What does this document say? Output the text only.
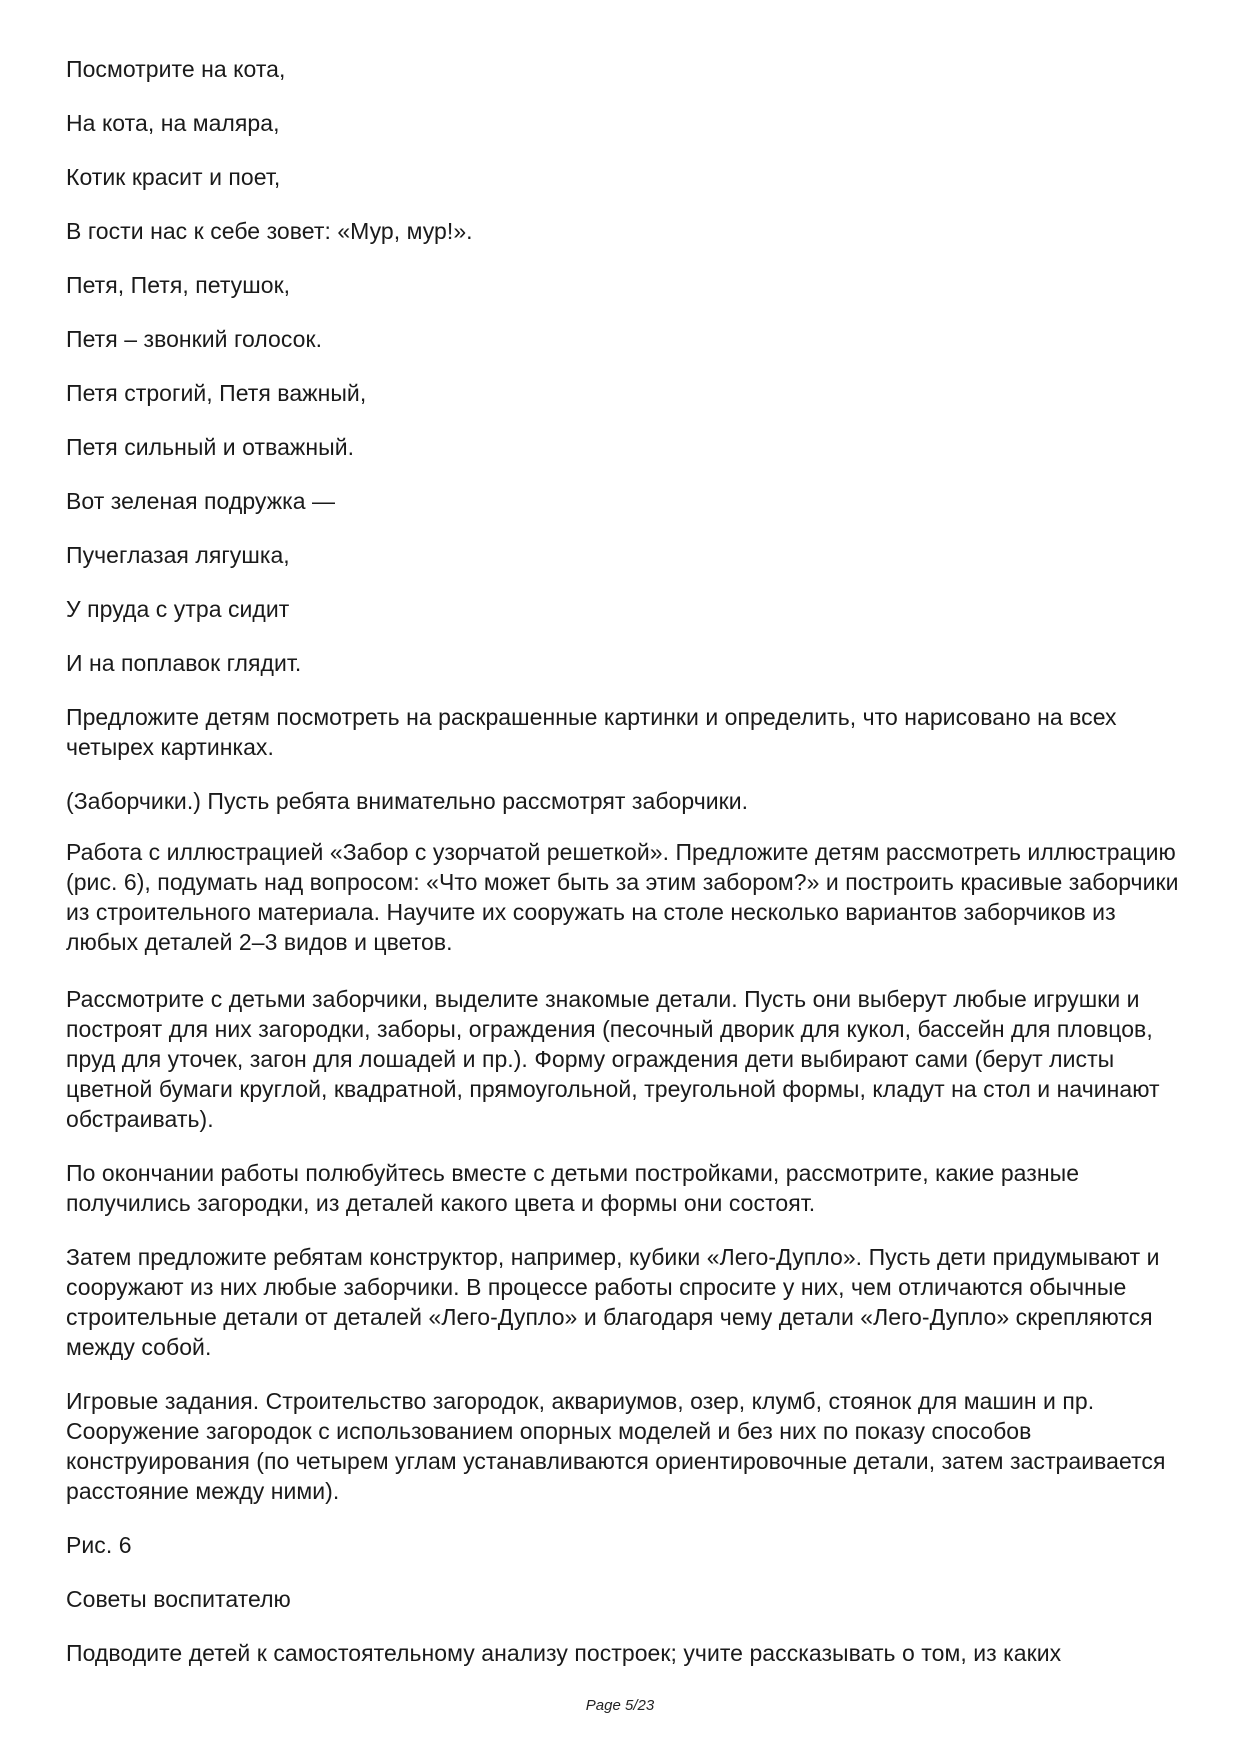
Посмотрите на кота,

На кота, на маляра,

Котик красит и поет,

В гости нас к себе зовет: «Мур, мур!».

Петя, Петя, петушок,

Петя – звонкий голосок.

Петя строгий, Петя важный,

Петя сильный и отважный.

Вот зеленая подружка —

Пучеглазая лягушка,

У пруда с утра сидит

И на поплавок глядит.

Предложите детям посмотреть на раскрашенные картинки и определить, что нарисовано на всех четырех картинках.

(Заборчики.) Пусть ребята внимательно рассмотрят заборчики.

Работа с иллюстрацией «Забор с узорчатой решеткой». Предложите детям рассмотреть иллюстрацию (рис. 6), подумать над вопросом: «Что может быть за этим забором?» и построить красивые заборчики из строительного материала. Научите их сооружать на столе несколько вариантов заборчиков из любых деталей 2–3 видов и цветов.

Рассмотрите с детьми заборчики, выделите знакомые детали. Пусть они выберут любые игрушки и построят для них загородки, заборы, ограждения (песочный дворик для кукол, бассейн для пловцов, пруд для уточек, загон для лошадей и пр.). Форму ограждения дети выбирают сами (берут листы цветной бумаги круглой, квадратной, прямоугольной, треугольной формы, кладут на стол и начинают обстраивать).

По окончании работы полюбуйтесь вместе с детьми постройками, рассмотрите, какие разные получились загородки, из деталей какого цвета и формы они состоят.

Затем предложите ребятам конструктор, например, кубики «Лего-Дупло». Пусть дети придумывают и сооружают из них любые заборчики. В процессе работы спросите у них, чем отличаются обычные строительные детали от деталей «Лего-Дупло» и благодаря чему детали «Лего-Дупло» скрепляются между собой.

Игровые задания. Строительство загородок, аквариумов, озер, клумб, стоянок для машин и пр. Сооружение загородок с использованием опорных моделей и без них по показу способов конструирования (по четырем углам устанавливаются ориентировочные детали, затем застраивается расстояние между ними).

Рис. 6

Советы воспитателю

Подводите детей к самостоятельному анализу построек; учите рассказывать о том, из каких

Page 5/23
